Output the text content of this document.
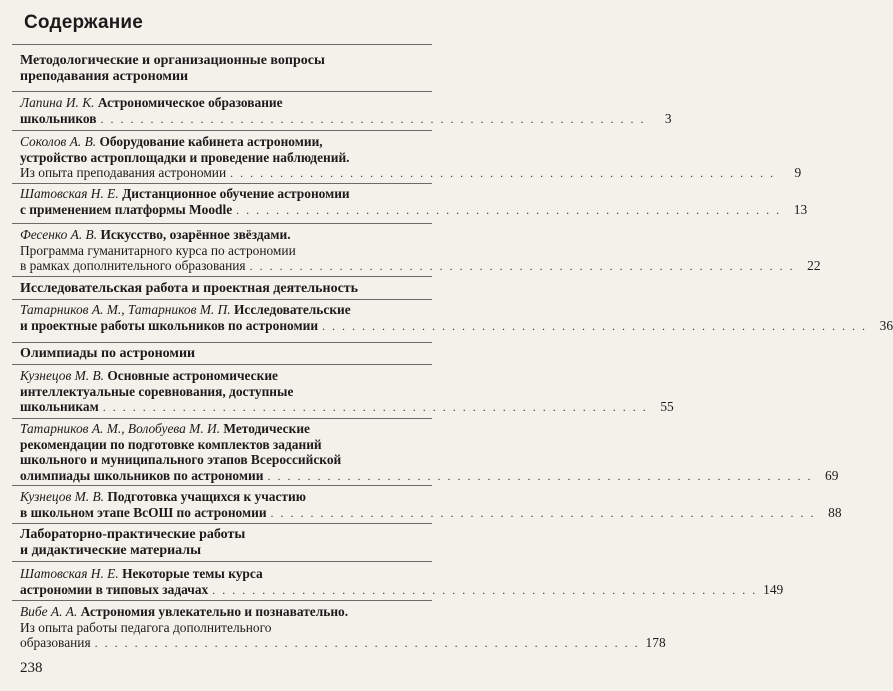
Содержание
Методологические и организационные вопросы
преподавания астрономии
Лапина И. К. Астрономическое образование
школьников . . . . . . . . . . . . . . . . . . . . . . . . . . . . . . . . . . . . . . . . . . . . . . . . . . . . . . .	3
Соколов А. В. Оборудование кабинета астрономии,
устройство астроплощадки и проведение наблюдений.
Из опыта преподавания астрономии . . . . . . . . . . . . . . . . . . . . . . . . . . . . . . . . . . . . . . . . . . . . . . . . . . . . . . .	9
Шатовская Н. Е. Дистанционное обучение астрономии
с применением платформы Moodle . . . . . . . . . . . . . . . . . . . . . . . . . . . . . . . . . . . . . . . . . . . . . . . . . . . . . . . 13
Фесенко А. В. Искусство, озарённое звёздами.
Программа гуманитарного курса по астрономии
в рамках дополнительного образования . . . . . . . . . . . . . . . . . . . . . . . . . . . . . . . . . . . . . . . . . . . . . . . . . . . . . . . 22
Исследовательская работа и проектная деятельность
Татарников А. М., Татарников М. П. Исследовательские
и проектные работы школьников по астрономии . . . . . . . . . . . . . . . . . . . . . . . . . . . . . . . . . . . . . . . . . . . . . . . . . . . . . . . 36
Олимпиады по астрономии
Кузнецов М. В. Основные астрономические
интеллектуальные соревнования, доступные
школьникам . . . . . . . . . . . . . . . . . . . . . . . . . . . . . . . . . . . . . . . . . . . . . . . . . . . . . . . 55
Татарников А. М., Волобуева М. И. Методические
рекомендации по подготовке комплектов заданий
школьного и муниципального этапов Всероссийской
олимпиады школьников по астрономии . . . . . . . . . . . . . . . . . . . . . . . . . . . . . . . . . . . . . . . . . . . . . . . . . . . . . . . 69
Кузнецов М. В. Подготовка учащихся к участию
в школьном этапе ВсОШ по астрономии . . . . . . . . . . . . . . . . . . . . . . . . . . . . . . . . . . . . . . . . . . . . . . . . . . . . . . . 88
Лабораторно-практические работы
и дидактические материалы
Шатовская Н. Е. Некоторые темы курса
астрономии в типовых задачах . . . . . . . . . . . . . . . . . . . . . . . . . . . . . . . . . . . . . . . . . . . . . . . . . . . . . . . 149
Вибе А. А. Астрономия увлекательно и познавательно.
Из опыта работы педагога дополнительного
образования . . . . . . . . . . . . . . . . . . . . . . . . . . . . . . . . . . . . . . . . . . . . . . . . . . . . . . . 178
238
